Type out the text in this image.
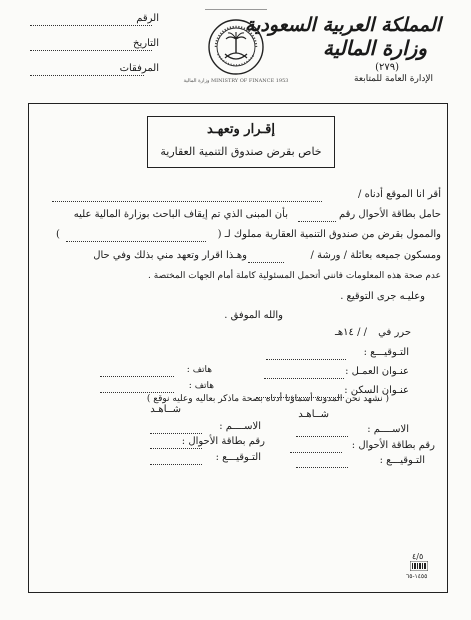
المملكة العربية السعودية
وزارة المالية
(٢٧٩)
الإدارة العامة للمتابعة
وزارة المالية MINISTRY OF FINANCE 1953
الرقم
التاريخ
المرفقات
إقـرار وتعهـد
خاص بقرض صندوق التنمية العقارية
أقر انا الموقع أدناه /
حامل بطاقة الأحوال رقم
بأن المبنى الذي تم إيقاف الباحث بوزارة المالية عليه
والممول بقرض من صندوق التنمية العقارية مملوك لـ (
)
ومسكون جميعه بعائلة / ورشة /
وهـذا اقرار وتعهد مني بذلك وفي حال
عدم صحة هذه المعلومات فانني أتحمل المسئولية كاملة أمام الجهات المختصة .
وعليـه جرى التوقيع .
والله الموفق .
حرر في
/ / ١٤هـ
التـوقيـــع :
عنـوان العمـل :
هاتف :
هاتف :	عنـوان السكن :
( نشهد نحن المدونة أسماؤنا أدناه بصحة ماذكر بعاليه وعليه نوقع )
شــاهـد
شــاهـد
الاســــم :
الاســــم :
رقم بطاقة الأحوال :
رقم بطاقة الأحوال :
التـوقيـــع :
التـوقيـــع :
٤/٥
١٤٥٥-٦٥
